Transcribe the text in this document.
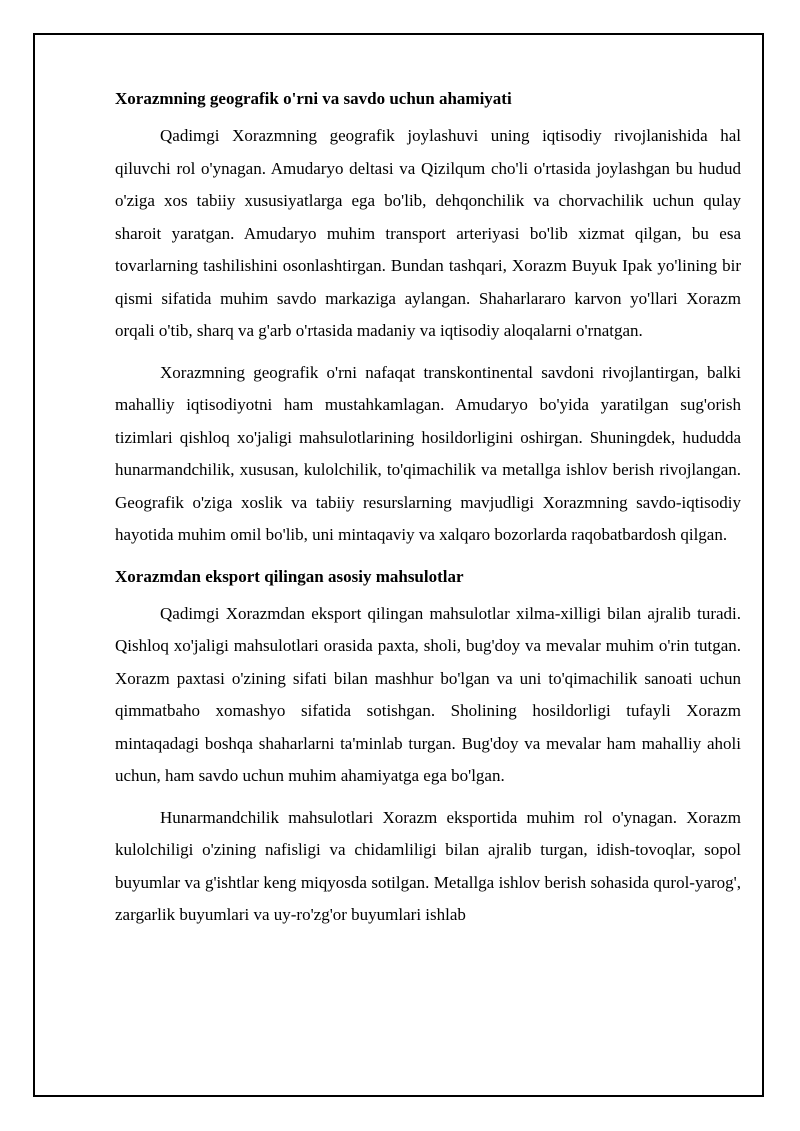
Xorazmning geografik o'rni va savdo uchun ahamiyati

Qadimgi Xorazmning geografik joylashuvi uning iqtisodiy rivojlanishida hal qiluvchi rol o'ynagan. Amudaryo deltasi va Qizilqum cho'li o'rtasida joylashgan bu hudud o'ziga xos tabiiy xususiyatlarga ega bo'lib, dehqonchilik va chorvachilik uchun qulay sharoit yaratgan. Amudaryo muhim transport arteriyasi bo'lib xizmat qilgan, bu esa tovarlarning tashilishini osonlashtirgan. Bundan tashqari, Xorazm Buyuk Ipak yo'lining bir qismi sifatida muhim savdo markaziga aylangan. Shaharlararo karvon yo'llari Xorazm orqali o'tib, sharq va g'arb o'rtasida madaniy va iqtisodiy aloqalarni o'rnatgan.

Xorazmning geografik o'rni nafaqat transkontinental savdoni rivojlantirgan, balki mahalliy iqtisodiyotni ham mustahkamlagan. Amudaryo bo'yida yaratilgan sug'orish tizimlari qishloq xo'jaligi mahsulotlarining hosildorligini oshirgan. Shuningdek, hududda hunarmandchilik, xususan, kulolchilik, to'qimachilik va metallga ishlov berish rivojlangan. Geografik o'ziga xoslik va tabiiy resurslarning mavjudligi Xorazmning savdo-iqtisodiy hayotida muhim omil bo'lib, uni mintaqaviy va xalqaro bozorlarda raqobatbardosh qilgan.

Xorazmdan eksport qilingan asosiy mahsulotlar

Qadimgi Xorazmdan eksport qilingan mahsulotlar xilma-xilligi bilan ajralib turadi. Qishloq xo'jaligi mahsulotlari orasida paxta, sholi, bug'doy va mevalar muhim o'rin tutgan. Xorazm paxtasi o'zining sifati bilan mashhur bo'lgan va uni to'qimachilik sanoati uchun qimmatbaho xomashyo sifatida sotishgan. Sholining hosildorligi tufayli Xorazm mintaqadagi boshqa shaharlarni ta'minlab turgan. Bug'doy va mevalar ham mahalliy aholi uchun, ham savdo uchun muhim ahamiyatga ega bo'lgan.

Hunarmandchilik mahsulotlari Xorazm eksportida muhim rol o'ynagan. Xorazm kulolchiligi o'zining nafisligi va chidamliligi bilan ajralib turgan, idish-tovoqlar, sopol buyumlar va g'ishtlar keng miqyosda sotilgan. Metallga ishlov berish sohasida qurol-yarog', zargarlik buyumlari va uy-ro'zg'or buyumlari ishlab
